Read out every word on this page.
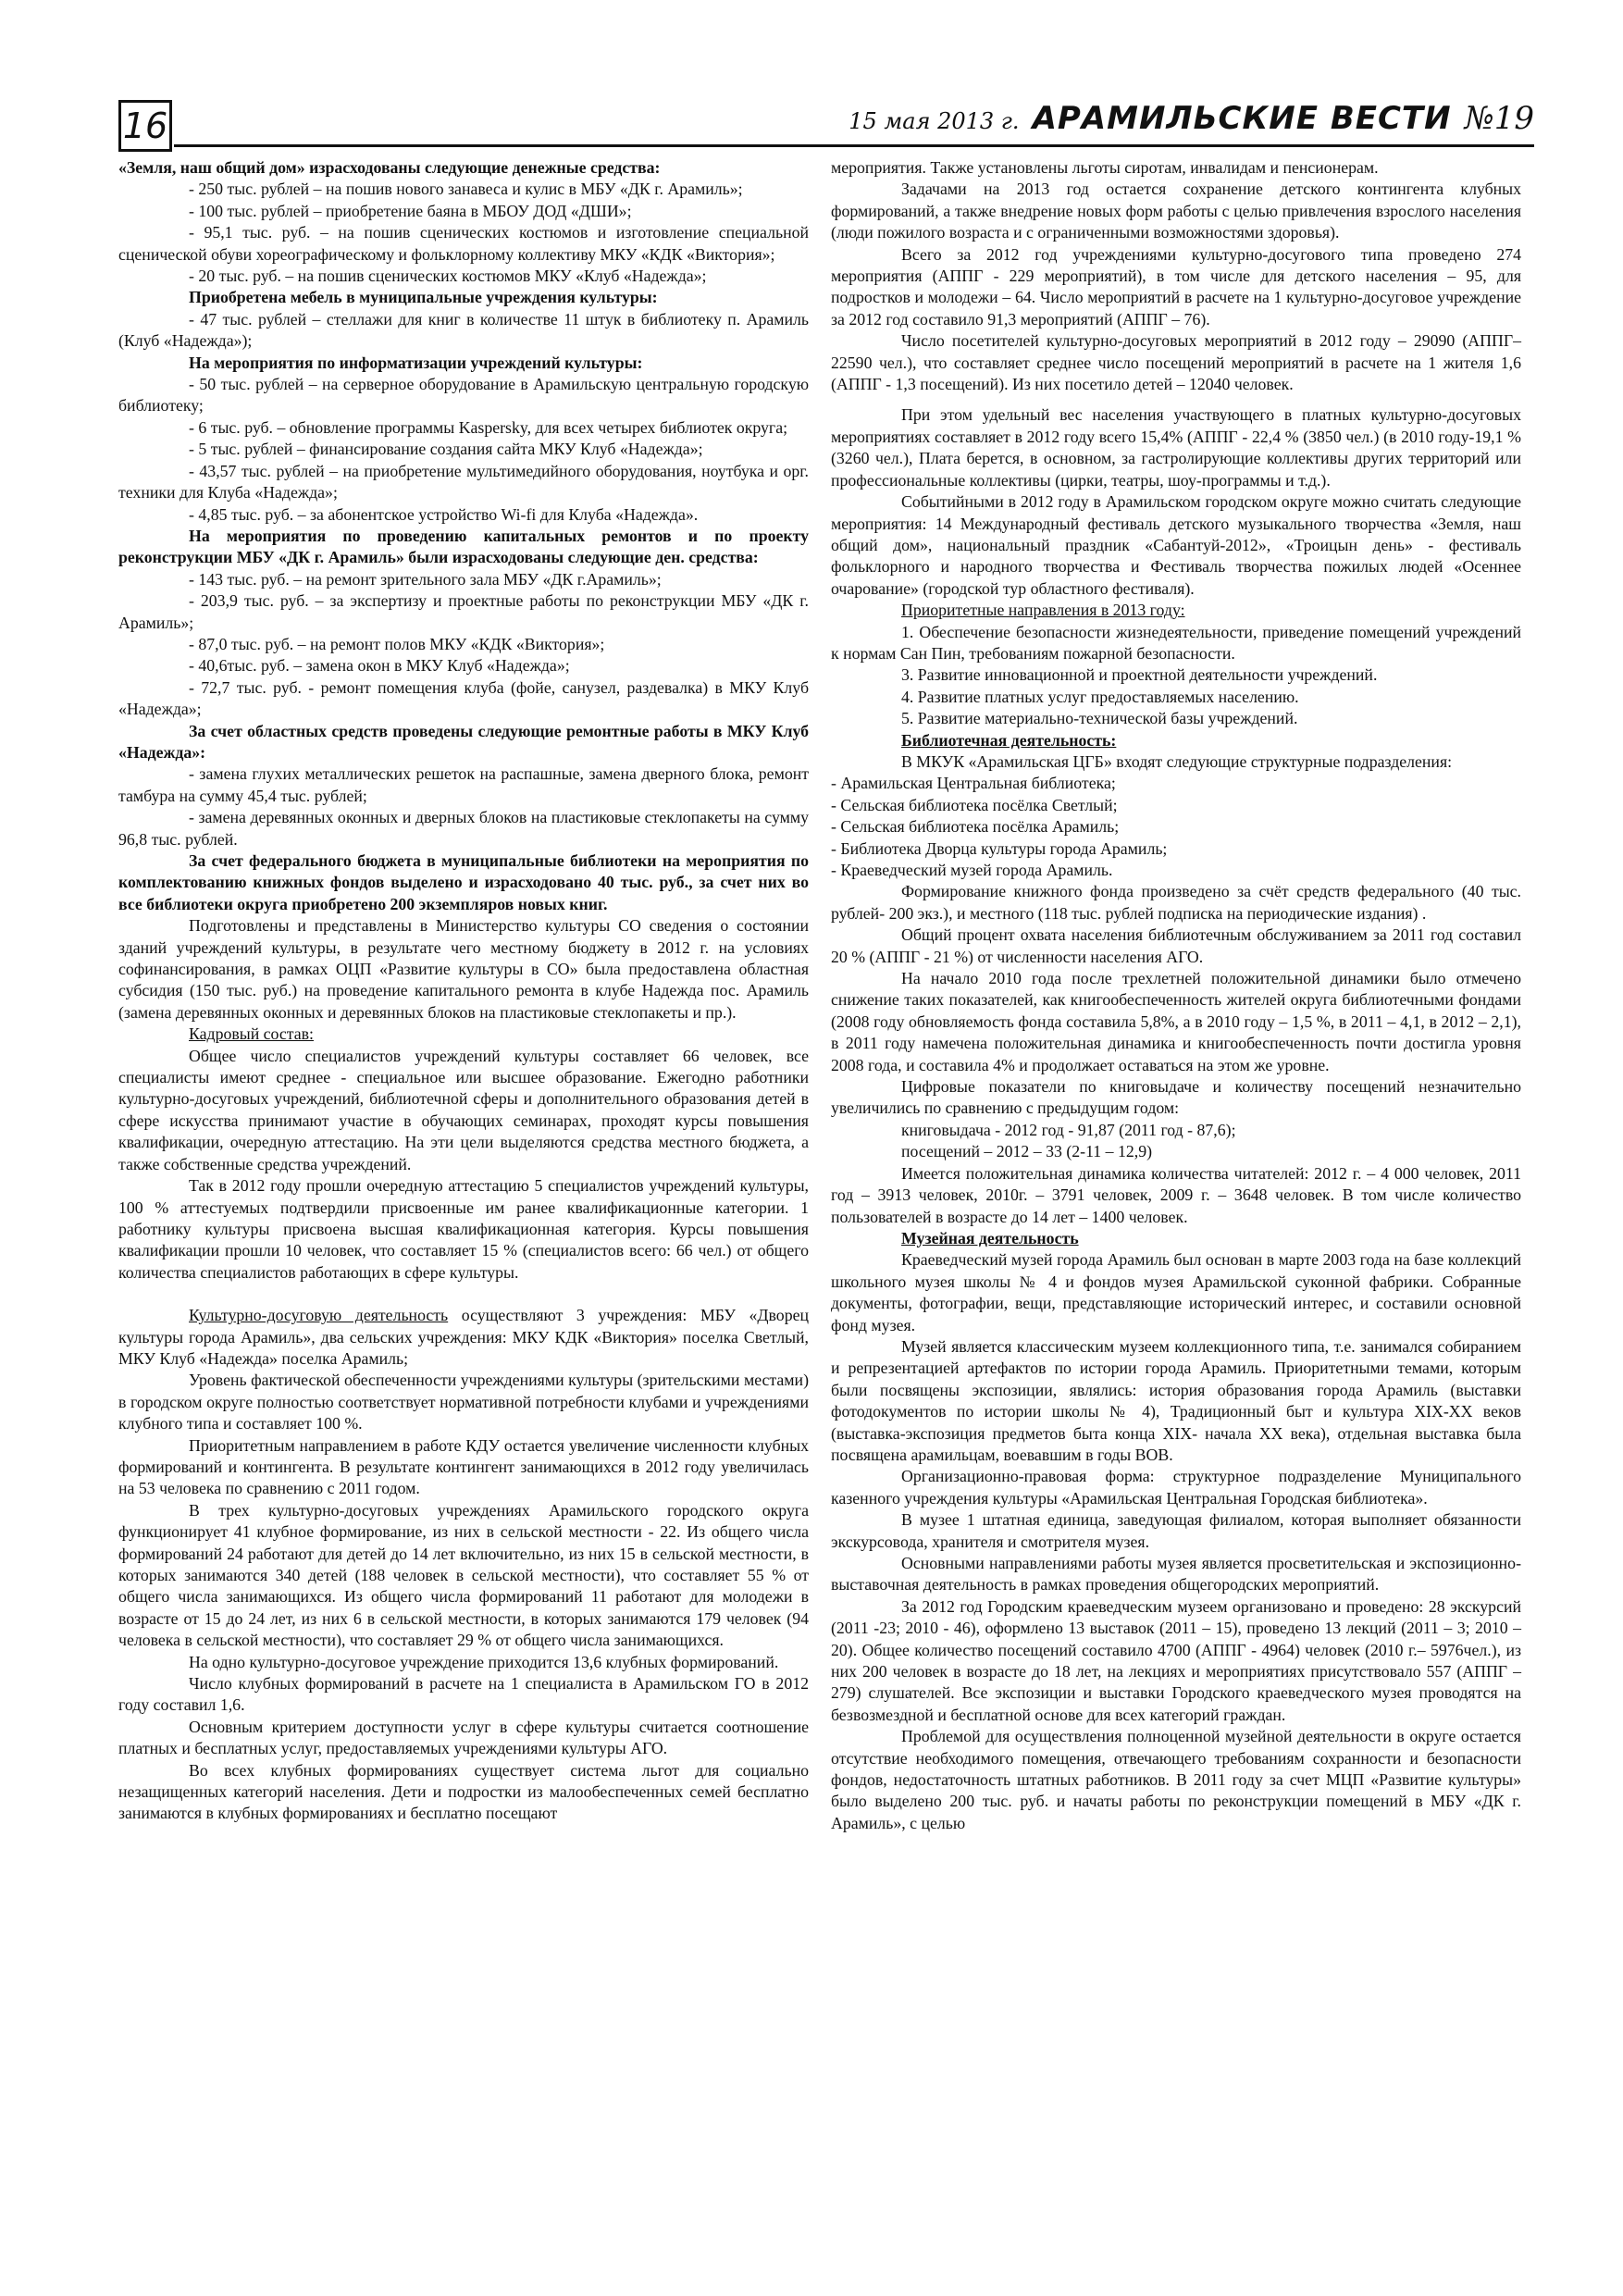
16	15 мая 2013 г. АРАМИЛЬСКИЕ ВЕСТИ №19

«Земля, наш общий дом» израсходованы следующие денежные средства:

- 250 тыс. рублей – на пошив нового занавеса и кулис в МБУ «ДК г. Арамиль»;

- 100 тыс. рублей – приобретение баяна в МБОУ ДОД «ДШИ»;

- 95,1 тыс. руб. – на пошив сценических костюмов и изготовление специальной сценической обуви хореографическому и фольклорному коллективу МКУ «КДК «Виктория»;

- 20 тыс. руб. – на пошив сценических костюмов МКУ «Клуб «Надежда»;

Приобретена мебель в муниципальные учреждения культуры:

- 47 тыс. рублей – стеллажи для книг в количестве 11 штук в библиотеку п. Арамиль (Клуб «Надежда»);

На мероприятия по информатизации учреждений культуры:

- 50 тыс. рублей – на серверное оборудование в Арамильскую центральную городскую библиотеку;

- 6 тыс. руб. – обновление программы Kaspersky, для всех четырех библиотек округа;

- 5 тыс. рублей – финансирование создания сайта МКУ Клуб «Надежда»;

- 43,57 тыс. рублей – на приобретение мультимедийного оборудования, ноутбука и орг. техники для Клуба «Надежда»;

- 4,85 тыс. руб. – за абонентское устройство Wi-fi для Клуба «Надежда».

На мероприятия по проведению капитальных ремонтов и по проекту реконструкции МБУ «ДК г. Арамиль» были израсходованы следующие ден. средства:

- 143 тыс. руб. – на ремонт зрительного зала МБУ «ДК г.Арамиль»;

- 203,9 тыс. руб. – за экспертизу и проектные работы по реконструкции МБУ «ДК г. Арамиль»;

- 87,0 тыс. руб. – на ремонт полов МКУ «КДК «Виктория»;

- 40,6тыс. руб. – замена окон в МКУ Клуб «Надежда»;

- 72,7 тыс. руб. - ремонт помещения клуба (фойе, санузел, раздевалка) в МКУ Клуб «Надежда»;

За счет областных средств проведены следующие ремонтные работы в МКУ Клуб «Надежда»:

- замена глухих металлических решеток на распашные, замена дверного блока, ремонт тамбура на сумму 45,4 тыс. рублей;

- замена деревянных оконных и дверных блоков на пластиковые стеклопакеты на сумму 96,8 тыс. рублей.

За счет федерального бюджета в муниципальные библиотеки на мероприятия по комплектованию книжных фондов выделено и израсходовано 40 тыс. руб., за счет них во все библиотеки округа приобретено 200 экземпляров новых книг.

Подготовлены и представлены в Министерство культуры СО сведения о состоянии зданий учреждений культуры, в результате чего местному бюджету в 2012 г. на условиях софинансирования, в рамках ОЦП «Развитие культуры в СО» была предоставлена областная субсидия (150 тыс. руб.) на проведение капитального ремонта в клубе Надежда пос. Арамиль (замена деревянных оконных и деревянных блоков на пластиковые стеклопакеты и пр.).

Кадровый состав:

Общее число специалистов учреждений культуры составляет 66 человек, все специалисты имеют среднее - специальное или высшее образование. Ежегодно работники культурно-досуговых учреждений, библиотечной сферы и дополнительного образования детей в сфере искусства принимают участие в обучающих семинарах, проходят курсы повышения квалификации, очередную аттестацию. На эти цели выделяются средства местного бюджета, а также собственные средства учреждений.

Так в 2012 году прошли очередную аттестацию 5 специалистов учреждений культуры, 100 % аттестуемых подтвердили присвоенные им ранее квалификационные категории. 1 работнику культуры присвоена высшая квалификационная категория. Курсы повышения квалификации прошли 10 человек, что составляет 15 % (специалистов всего: 66 чел.) от общего количества специалистов работающих в сфере культуры.

Культурно-досуговую деятельность осуществляют 3 учреждения: МБУ «Дворец культуры города Арамиль», два сельских учреждения: МКУ КДК «Виктория» поселка Светлый, МКУ Клуб «Надежда» поселка Арамиль;

Уровень фактической обеспеченности учреждениями культуры (зрительскими местами) в городском округе полностью соответствует нормативной потребности клубами и учреждениями клубного типа и составляет 100 %.

Приоритетным направлением в работе КДУ остается увеличение численности клубных формирований и контингента. В результате контингент занимающихся в 2012 году увеличилась на 53 человека по сравнению с 2011 годом.

В трех культурно-досуговых учреждениях Арамильского городского округа функционирует 41 клубное формирование, из них в сельской местности - 22. Из общего числа формирований 24 работают для детей до 14 лет включительно, из них 15 в сельской местности, в которых занимаются 340 детей (188 человек в сельской местности), что составляет 55 % от общего числа занимающихся. Из общего числа формирований 11 работают для молодежи в возрасте от 15 до 24 лет, из них 6 в сельской местности, в которых занимаются 179 человек (94 человека в сельской местности), что составляет 29 % от общего числа занимающихся.

На одно культурно-досуговое учреждение приходится 13,6 клубных формирований.

Число клубных формирований в расчете на 1 специалиста в Арамильском ГО в 2012 году составил 1,6.

Основным критерием доступности услуг в сфере культуры считается соотношение платных и бесплатных услуг, предоставляемых учреждениями культуры АГО.

Во всех клубных формированиях существует система льгот для социально незащищенных категорий населения. Дети и подростки из малообеспеченных семей бесплатно занимаются в клубных формированиях и бесплатно посещают

мероприятия. Также установлены льготы сиротам, инвалидам и пенсионерам.

Задачами на 2013 год остается сохранение детского контингента клубных формирований, а также внедрение новых форм работы с целью привлечения взрослого населения (люди пожилого возраста и с ограниченными возможностями здоровья).

Всего за 2012 год учреждениями культурно-досугового типа проведено 274 мероприятия (АППГ - 229 мероприятий), в том числе для детского населения – 95, для подростков и молодежи – 64. Число мероприятий в расчете на 1 культурно-досуговое учреждение за 2012 год составило 91,3 мероприятий (АППГ – 76).

Число посетителей культурно-досуговых мероприятий в 2012 году – 29090 (АППГ– 22590 чел.), что составляет среднее число посещений мероприятий в расчете на 1 жителя 1,6 (АППГ - 1,3 посещений). Из них посетило детей – 12040 человек.

При этом удельный вес населения участвующего в платных культурно-досуговых мероприятиях составляет в 2012 году всего 15,4% (АППГ - 22,4 % (3850 чел.) (в 2010 году-19,1 % (3260 чел.), Плата берется, в основном, за гастролирующие коллективы других территорий или профессиональные коллективы (цирки, театры, шоу-программы и т.д.).

Событийными в 2012 году в Арамильском городском округе можно считать следующие мероприятия: 14 Международный фестиваль детского музыкального творчества «Земля, наш общий дом», национальный праздник «Сабантуй-2012», «Троицын день» - фестиваль фольклорного и народного творчества и Фестиваль творчества пожилых людей «Осеннее очарование» (городской тур областного фестиваля).

Приоритетные направления в 2013 году:

1. Обеспечение безопасности жизнедеятельности, приведение помещений учреждений к нормам Сан Пин, требованиям пожарной безопасности.

3. Развитие инновационной и проектной деятельности учреждений.

4. Развитие платных услуг предоставляемых населению.

5. Развитие материально-технической базы учреждений.

Библиотечная деятельность:

В МКУК «Арамильская ЦГБ» входят следующие структурные подразделения:

- Арамильская Центральная библиотека;

- Сельская библиотека посёлка Светлый;

- Сельская библиотека посёлка Арамиль;

- Библиотека Дворца культуры города Арамиль;

- Краеведческий музей города Арамиль.

Формирование книжного фонда произведено за счёт средств федерального (40 тыс. рублей- 200 экз.), и местного (118 тыс. рублей подписка на периодические издания) .

Общий процент охвата населения библиотечным обслуживанием за 2011 год составил 20 % (АППГ - 21 %) от численности населения АГО.

На начало 2010 года после трехлетней положительной динамики было отмечено снижение таких показателей, как книгообеспеченность жителей округа библиотечными фондами (2008 году обновляемость фонда составила 5,8%, а в 2010 году – 1,5 %, в 2011 – 4,1, в 2012 – 2,1), в 2011 году намечена положительная динамика и книгообеспеченность почти достигла уровня 2008 года, и составила 4% и продолжает оставаться на этом же уровне.

Цифровые показатели по книговыдаче и количеству посещений незначительно увеличились по сравнению с предыдущим годом:

книговыдача - 2012 год - 91,87 (2011 год - 87,6);

посещений – 2012 – 33 (2-11 – 12,9)

Имеется положительная динамика количества читателей: 2012 г. – 4 000 человек, 2011 год – 3913 человек, 2010г. – 3791 человек, 2009 г. – 3648 человек. В том числе количество пользователей в возрасте до 14 лет – 1400 человек.

Музейная деятельность

Краеведческий музей города Арамиль был основан в марте 2003 года на базе коллекций школьного музея школы № 4 и фондов музея Арамильской суконной фабрики. Собранные документы, фотографии, вещи, представляющие исторический интерес, и составили основной фонд музея.

Музей является классическим музеем коллекционного типа, т.е. занимался собиранием и репрезентацией артефактов по истории города Арамиль. Приоритетными темами, которым были посвящены экспозиции, являлись: история образования города Арамиль (выставки фотодокументов по истории школы № 4), Традиционный быт и культура XIX-XX веков (выставка-экспозиция предметов быта конца XIX- начала XX века), отдельная выставка была посвящена арамильцам, воевавшим в годы ВОВ.

Организационно-правовая форма: структурное подразделение Муниципального казенного учреждения культуры «Арамильская Центральная Городская библиотека».

В музее 1 штатная единица, заведующая филиалом, которая выполняет обязанности экскурсовода, хранителя и смотрителя музея.

Основными направлениями работы музея является просветительская и экспозиционно-выставочная деятельность в рамках проведения общегородских мероприятий.

За 2012 год Городским краеведческим музеем организовано и проведено: 28 экскурсий (2011 -23; 2010 - 46), оформлено 13 выставок (2011 – 15), проведено 13 лекций (2011 – 3; 2010 – 20). Общее количество посещений составило 4700 (АППГ - 4964) человек (2010 г.– 5976чел.), из них 200 человек в возрасте до 18 лет, на лекциях и мероприятиях присутствовало 557 (АППГ – 279) слушателей. Все экспозиции и выставки Городского краеведческого музея проводятся на безвозмездной и бесплатной основе для всех категорий граждан.

Проблемой для осуществления полноценной музейной деятельности в округе остается отсутствие необходимого помещения, отвечающего требованиям сохранности и безопасности фондов, недостаточность штатных работников. В 2011 году за счет МЦП «Развитие культуры» было выделено 200 тыс. руб. и начаты работы по реконструкции помещений в МБУ «ДК г. Арамиль», с целью
